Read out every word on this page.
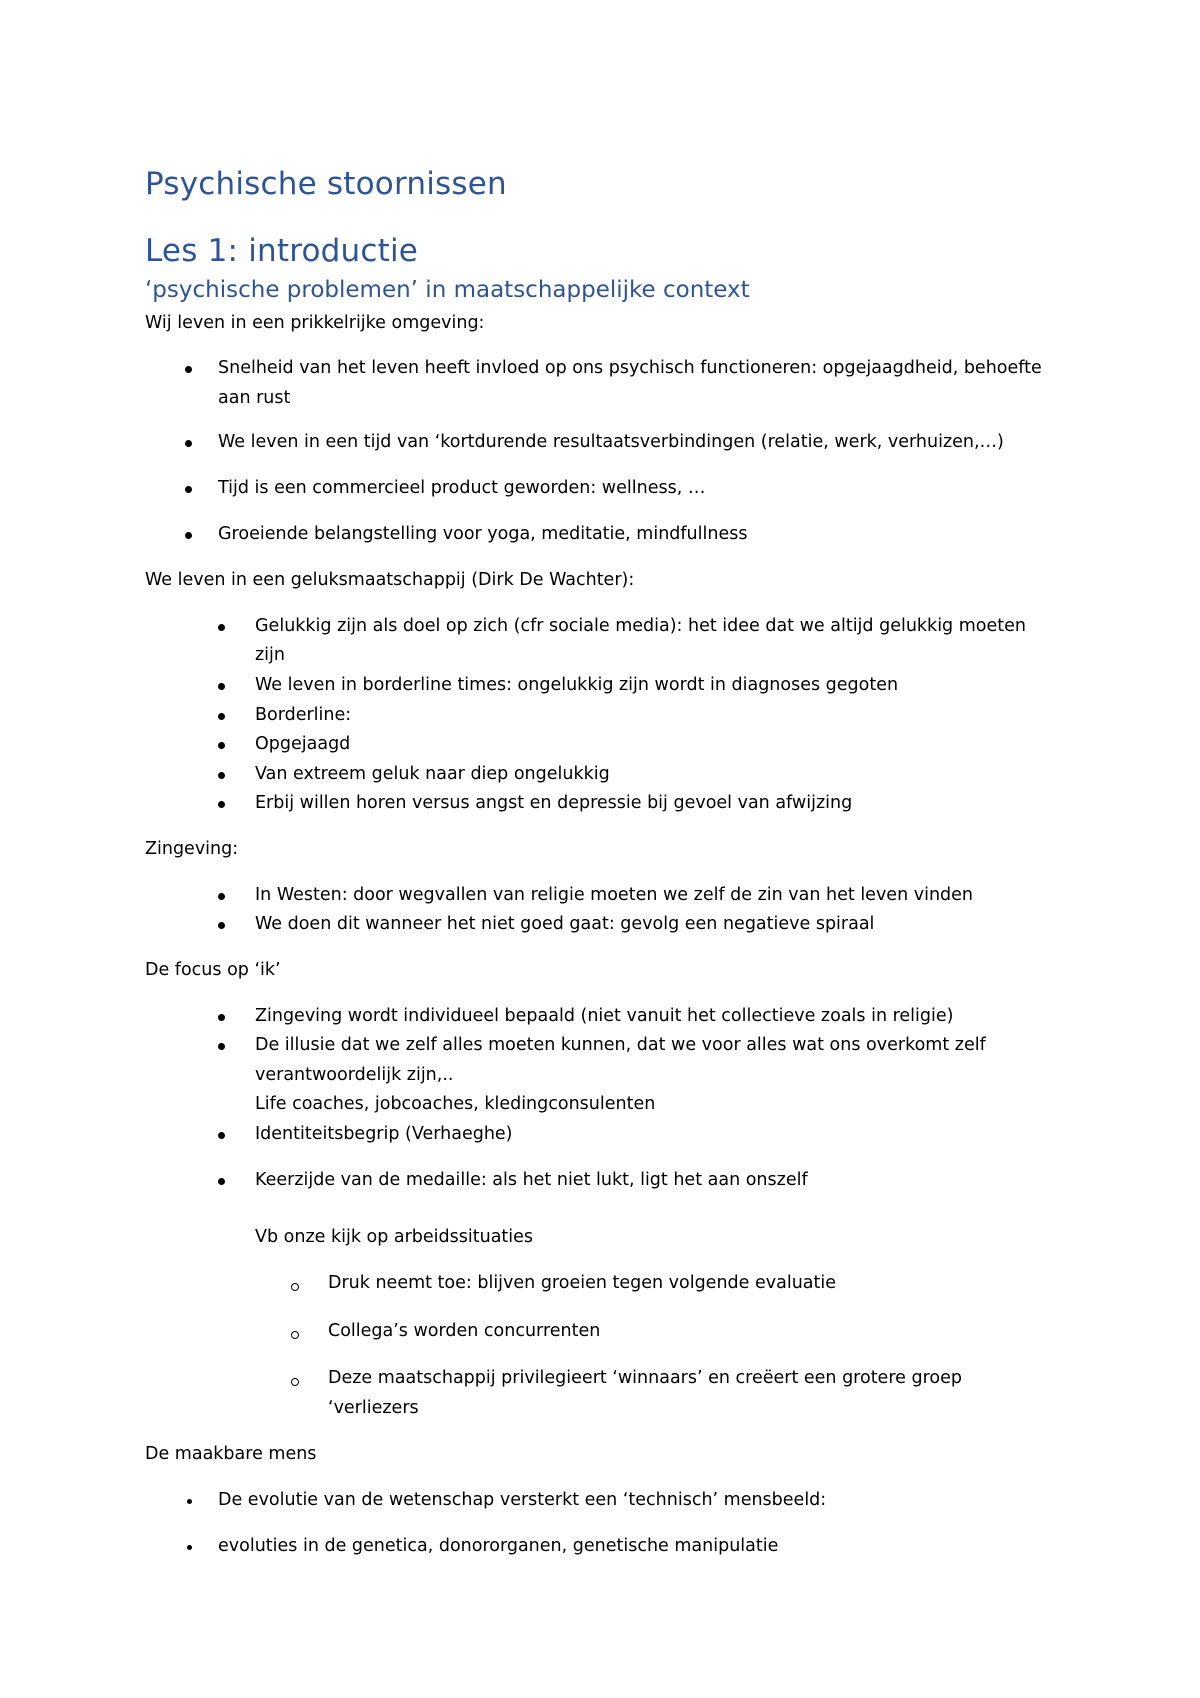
Psychische stoornissen
Les 1: introductie
‘psychische problemen’ in maatschappelijke context
Wij leven in een prikkelrijke omgeving:
Snelheid van het leven heeft invloed op ons psychisch functioneren: opgejaagdheid, behoefte
aan rust
We leven in een tijd van ‘kortdurende resultaatsverbindingen (relatie, werk, verhuizen,…)
Tijd is een commercieel product geworden: wellness, …
Groeiende belangstelling voor yoga, meditatie, mindfullness
We leven in een geluksmaatschappij (Dirk De Wachter):
Gelukkig zijn als doel op zich (cfr sociale media): het idee dat we altijd gelukkig moeten
zijn
We leven in borderline times: ongelukkig zijn wordt in diagnoses gegoten
Borderline:
Opgejaagd
Van extreem geluk naar diep ongelukkig
Erbij willen horen versus angst en depressie bij gevoel van afwijzing
Zingeving:
In Westen: door wegvallen van religie moeten we zelf de zin van het leven vinden
We doen dit wanneer het niet goed gaat: gevolg een negatieve spiraal
De focus op ‘ik’
Zingeving wordt individueel bepaald (niet vanuit het collectieve zoals in religie)
De illusie dat we zelf alles moeten kunnen, dat we voor alles wat ons overkomt zelf
verantwoordelijk zijn,..
Life coaches, jobcoaches, kledingconsulenten
Identiteitsbegrip (Verhaeghe)
Keerzijde van de medaille: als het niet lukt, ligt het aan onszelf
Vb onze kijk op arbeidssituaties
Druk neemt toe: blijven groeien tegen volgende evaluatie
Collega’s worden concurrenten
Deze maatschappij privilegieert ‘winnaars’ en creëert een grotere groep
‘verliezers
De maakbare mens
De evolutie van de wetenschap versterkt een ‘technisch’ mensbeeld:
evoluties in de genetica, donororganen, genetische manipulatie
